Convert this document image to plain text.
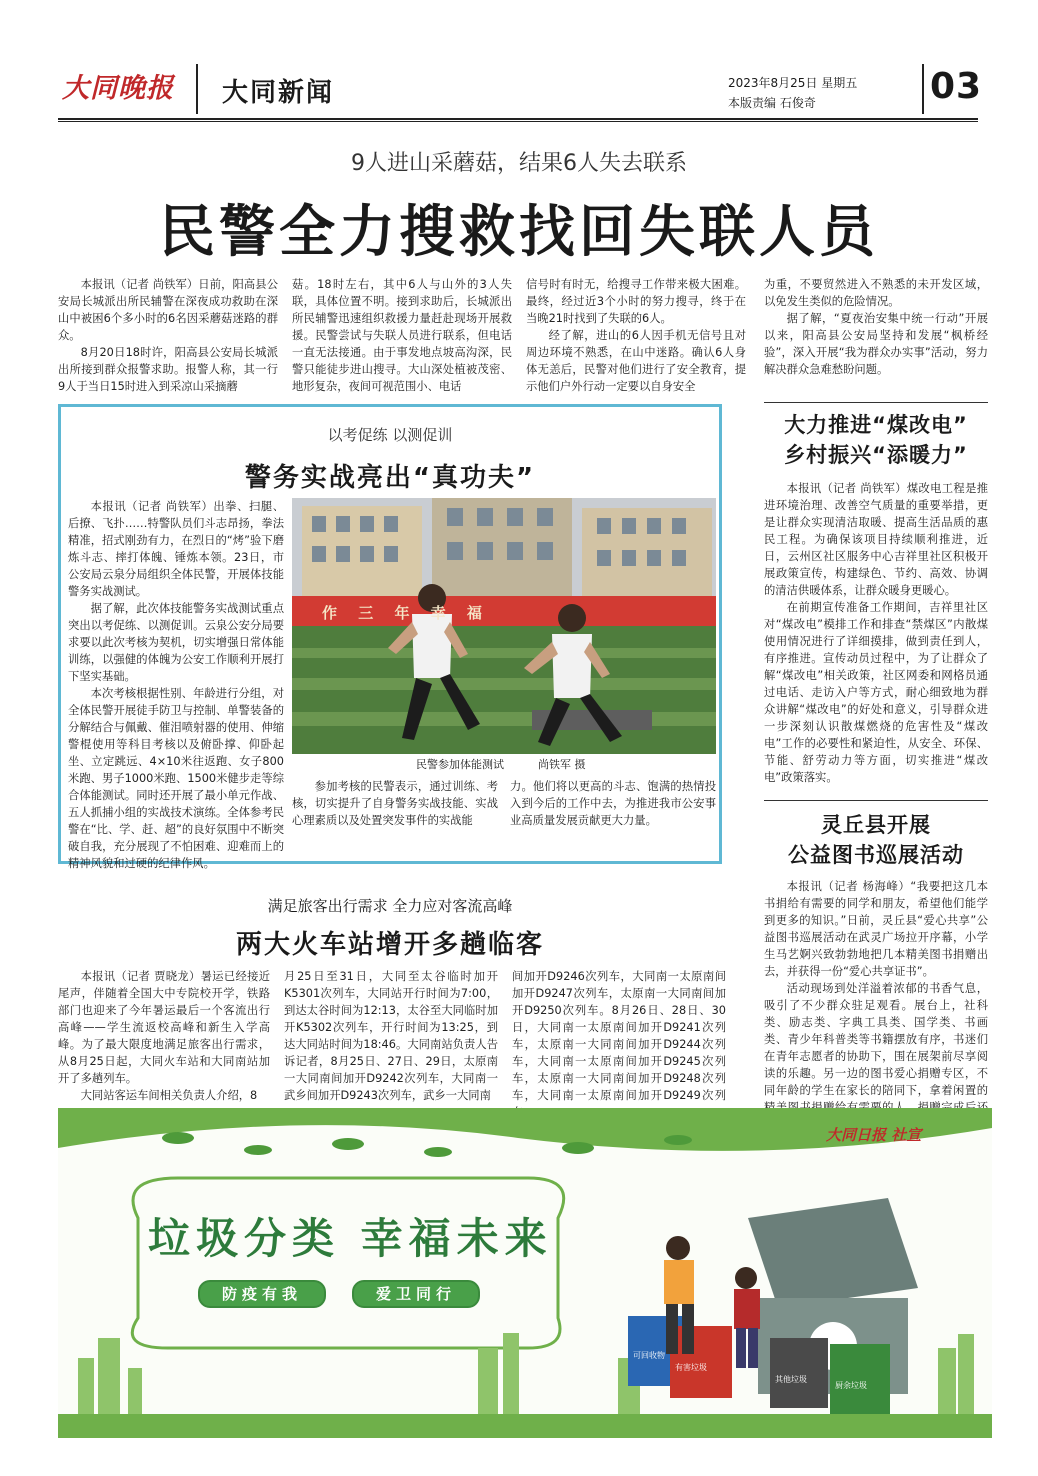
大同晚报	大同新闻	2023年8月25日 星期五
本版责编 石俊奇	03
9人进山采蘑菇，结果6人失去联系
民警全力搜救找回失联人员

本报讯（记者 尚铁军）日前，阳高县公安局长城派出所民辅警在深夜成功救助在深山中被困6个多小时的6名因采蘑菇迷路的群众。

8月20日18时许，阳高县公安局长城派出所接到群众报警求助。报警人称，其一行9人于当日15时进入到采凉山采摘蘑

菇。18时左右，其中6人与山外的3人失联，具体位置不明。接到求助后，长城派出所民辅警迅速组织救援力量赶赴现场开展救援。民警尝试与失联人员进行联系，但电话一直无法接通。由于事发地点坡高沟深，民警只能徒步进山搜寻。大山深处植被茂密、地形复杂，夜间可视范围小、电话

信号时有时无，给搜寻工作带来极大困难。最终，经过近3个小时的努力搜寻，终于在当晚21时找到了失联的6人。

经了解，进山的6人因手机无信号且对周边环境不熟悉，在山中迷路。确认6人身体无恙后，民警对他们进行了安全教育，提示他们户外行动一定要以自身安全

为重，不要贸然进入不熟悉的未开发区域，以免发生类似的危险情况。

据了解，“夏夜治安集中统一行动”开展以来，阳高县公安局坚持和发展“枫桥经验”，深入开展“我为群众办实事”活动，努力解决群众急难愁盼问题。

以考促练 以测促训
警务实战亮出“真功夫”

本报讯（记者 尚铁军）出拳、扫腿、后撩、飞扑……特警队员们斗志昂扬，拳法精准，招式刚劲有力，在烈日的“烤”验下磨炼斗志、摔打体魄、锤炼本领。23日，市公安局云泉分局组织全体民警，开展体技能警务实战测试。

据了解，此次体技能警务实战测试重点突出以考促练、以测促训。云泉公安分局要求要以此次考核为契机，切实增强日常体能训练，以强健的体魄为公安工作顺利开展打下坚实基础。

本次考核根据性别、年龄进行分组，对全体民警开展徒手防卫与控制、单警装备的分解结合与佩戴、催泪喷射器的使用、伸缩警棍使用等科目考核以及俯卧撑、仰卧起坐、立定跳远、4×10米往返跑、女子800米跑、男子1000米跑、1500米健步走等综合体能测试。同时还开展了最小单元作战、五人抓捕小组的实战技术演练。全体参考民警在“比、学、赶、超”的良好氛围中不断突破自我，充分展现了不怕困难、迎难而上的精神风貌和过硬的纪律作风。

作 三 年 幸 福
民警参加体能测试	尚铁军 摄

参加考核的民警表示，通过训练、考核，切实提升了自身警务实战技能、实战心理素质以及处置突发事件的实战能

力。他们将以更高的斗志、饱满的热情投入到今后的工作中去，为推进我市公安事业高质量发展贡献更大力量。

大力推进“煤改电”
乡村振兴“添暖力”

本报讯（记者 尚铁军）煤改电工程是推进环境治理、改善空气质量的重要举措，更是让群众实现清洁取暖、提高生活品质的惠民工程。为确保该项目持续顺利推进，近日，云州区社区服务中心吉祥里社区积极开展政策宣传，构建绿色、节约、高效、协调的清洁供暖体系，让群众暖身更暖心。

在前期宣传准备工作期间，吉祥里社区对“煤改电”模排工作和排查“禁煤区”内散煤使用情况进行了详细摸排，做到责任到人，有序推进。宣传动员过程中，为了让群众了解“煤改电”相关政策，社区网委和网格员通过电话、走访入户等方式，耐心细致地为群众讲解“煤改电”的好处和意义，引导群众进一步深刻认识散煤燃烧的危害性及“煤改电”工作的必要性和紧迫性，从安全、环保、节能、舒劳动力等方面，切实推进“煤改电”政策落实。

灵丘县开展
公益图书巡展活动

本报讯（记者 杨海峰）“我要把这几本书捐给有需要的同学和朋友，希望他们能学到更多的知识。”日前，灵丘县“爱心共享”公益图书巡展活动在武灵广场拉开序幕，小学生马艺婀兴致勃勃地把几本精美图书捐赠出去，并获得一份“爱心共享证书”。

活动现场到处洋溢着浓郁的书香气息，吸引了不少群众驻足观看。展台上，社科类、励志类、字典工具类、国学类、书画类、青少年科普类等书籍摆放有序，书迷们在青年志愿者的协助下，围在展架前尽享阅读的乐趣。另一边的图书爱心捐赠专区，不同年龄的学生在家长的陪同下，拿着闲置的

满足旅客出行需求 全力应对客流高峰
两大火车站增开多趟临客

本报讯（记者 贾晓龙）暑运已经接近尾声，伴随着全国大中专院校开学，铁路部门也迎来了今年暑运最后一个客流出行高峰——学生流返校高峰和新生入学高峰。为了最大限度地满足旅客出行需求，从8月25日起，大同火车站和大同南站加开了多趟列车。

大同站客运车间相关负责人介绍，8

月25日至31日，大同至太谷临时加开K5301次列车，大同站开行时间为7:00，到达太谷时间为12:13，太谷至大同临时加开K5302次列车，开行时间为13:25，到达大同站时间为18:46。大同南站负责人告诉记者，8月25日、27日、29日，太原南一大同南间加开D9242次列车，大同南一武乡间加开D9243次列车，武乡一大同南

间加开D9246次列车，大同南一太原南间加开D9247次列车，太原南一大同南间加开D9250次列车。8月26日、28日、30日，大同南一太原南间加开D9241次列车，太原南一大同南间加开D9244次列车，大同南一太原南间加开D9245次列车，太原南一大同南间加开D9248次列车，大同南一太原南间加开D9249次列

可回收物
有害垃圾
其他垃圾
厨余垃圾
大同日报 社宣
垃圾分类 幸福未来
防疫有我	爱卫同行
